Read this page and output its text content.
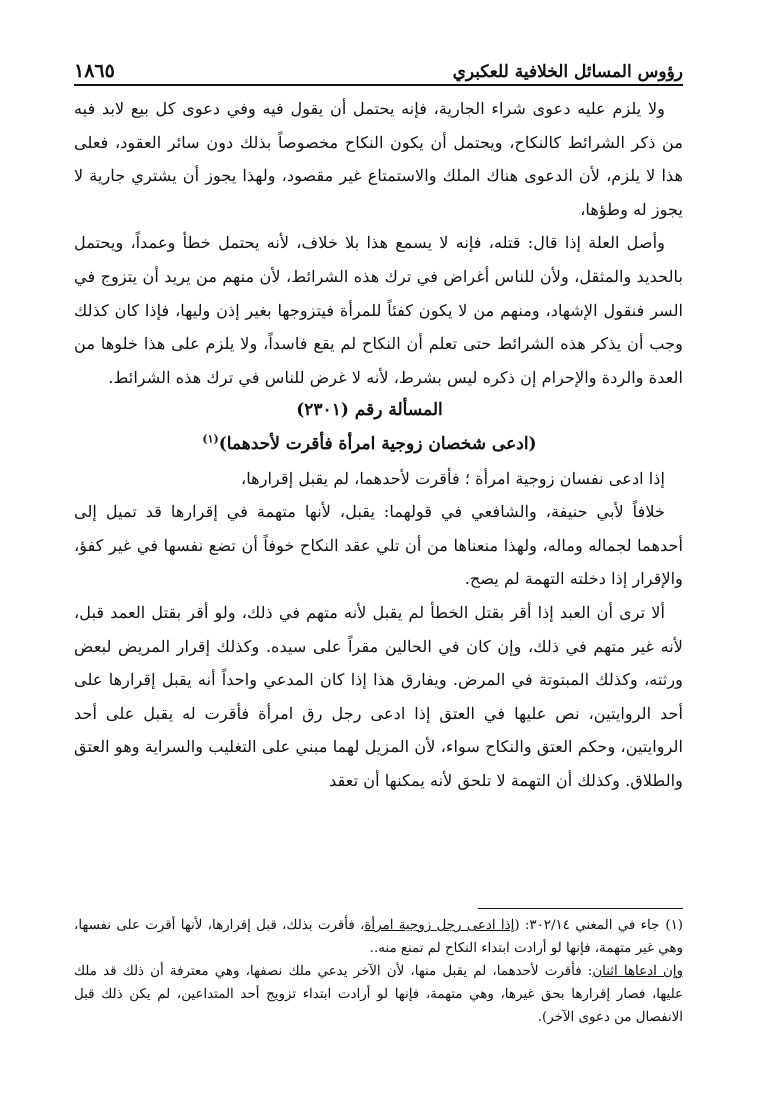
رؤوس المسائل الخلافية للعكبري
١٨٦٥

ولا يلزم عليه دعوى شراء الجارية، فإنه يحتمل أن يقول فيه وفي دعوى كل بيع لابد فيه من ذكر الشرائط كالنكاح، ويحتمل أن يكون النكاح مخصوصاً بذلك دون سائر العقود، فعلى هذا لا يلزم، لأن الدعوى هناك الملك والاستمتاع غير مقصود، ولهذا يجوز أن يشتري جارية لا يجوز له وطؤها،

وأصل العلة إذا قال: قتله، فإنه لا يسمع هذا بلا خلاف، لأنه يحتمل خطأ وعمداً، ويحتمل بالحديد والمثقل، ولأن للناس أغراض في ترك هذه الشرائط، لأن منهم من يريد أن يتزوج في السر فنقول الإشهاد، ومنهم من لا يكون كفئاً للمرأة فيتزوجها بغير إذن وليها، فإذا كان كذلك وجب أن يذكر هذه الشرائط حتى تعلم أن النكاح لم يقع فاسداً، ولا يلزم على هذا خلوها من العدة والردة والإحرام إن ذكره ليس بشرط، لأنه لا غرض للناس في ترك هذه الشرائط.

المسألة رقم (٢٣٠١)

(ادعى شخصان زوجية امرأة فأقرت لأحدهما)$^{(١)}$

إذا ادعى نفسان زوجية امرأة ؛ فأقرت لأحدهما، لم يقبل إقرارها،

خلافاً لأبي حنيفة، والشافعي في قولهما: يقبل، لأنها متهمة في إقرارها قد تميل إلى أحدهما لجماله وماله، ولهذا منعناها من أن تلي عقد النكاح خوفاً أن تضع نفسها في غير كفؤ، والإقرار إذا دخلته التهمة لم يصح.

ألا ترى أن العبد إذا أقر بقتل الخطأ لم يقبل لأنه متهم في ذلك، ولو أقر بقتل العمد قبل، لأنه غير متهم في ذلك، وإن كان في الحالين مقراً على سيده. وكذلك إقرار المريض لبعض ورثته، وكذلك المبتوتة في المرض. ويفارق هذا إذا كان المدعي واحداً أنه يقبل إقرارها على أحد الروايتين، نص عليها في العتق إذا ادعى رجل رق امرأة فأقرت له يقبل على أحد الروايتين، وحكم العتق والنكاح سواء، لأن المزيل لهما مبني على التغليب والسراية وهو العتق والطلاق. وكذلك أن التهمة لا تلحق لأنه يمكنها أن تعقد

(١)جاء في المغني ٣٠٢/١٤: (إذا ادعى رجل زوجية امرأة، فأقرت بذلك، قبل إقرارها، لأنها أقرت على نفسها، وهي غير متهمة، فإنها لو أرادت ابتداء النكاح لم تمنع منه..

وإن ادعاها اثنان: فأقرت لأحدهما، لم يقبل منها، لأن الآخر يدعي ملك نصفها، وهي معترفة أن ذلك قد ملك عليها، فصار إقرارها بحق غيرها، وهي متهمة، فإنها لو أرادت ابتداء تزويج أحد المتداعين، لم يكن ذلك قبل الانفصال من دعوى الآخر).
